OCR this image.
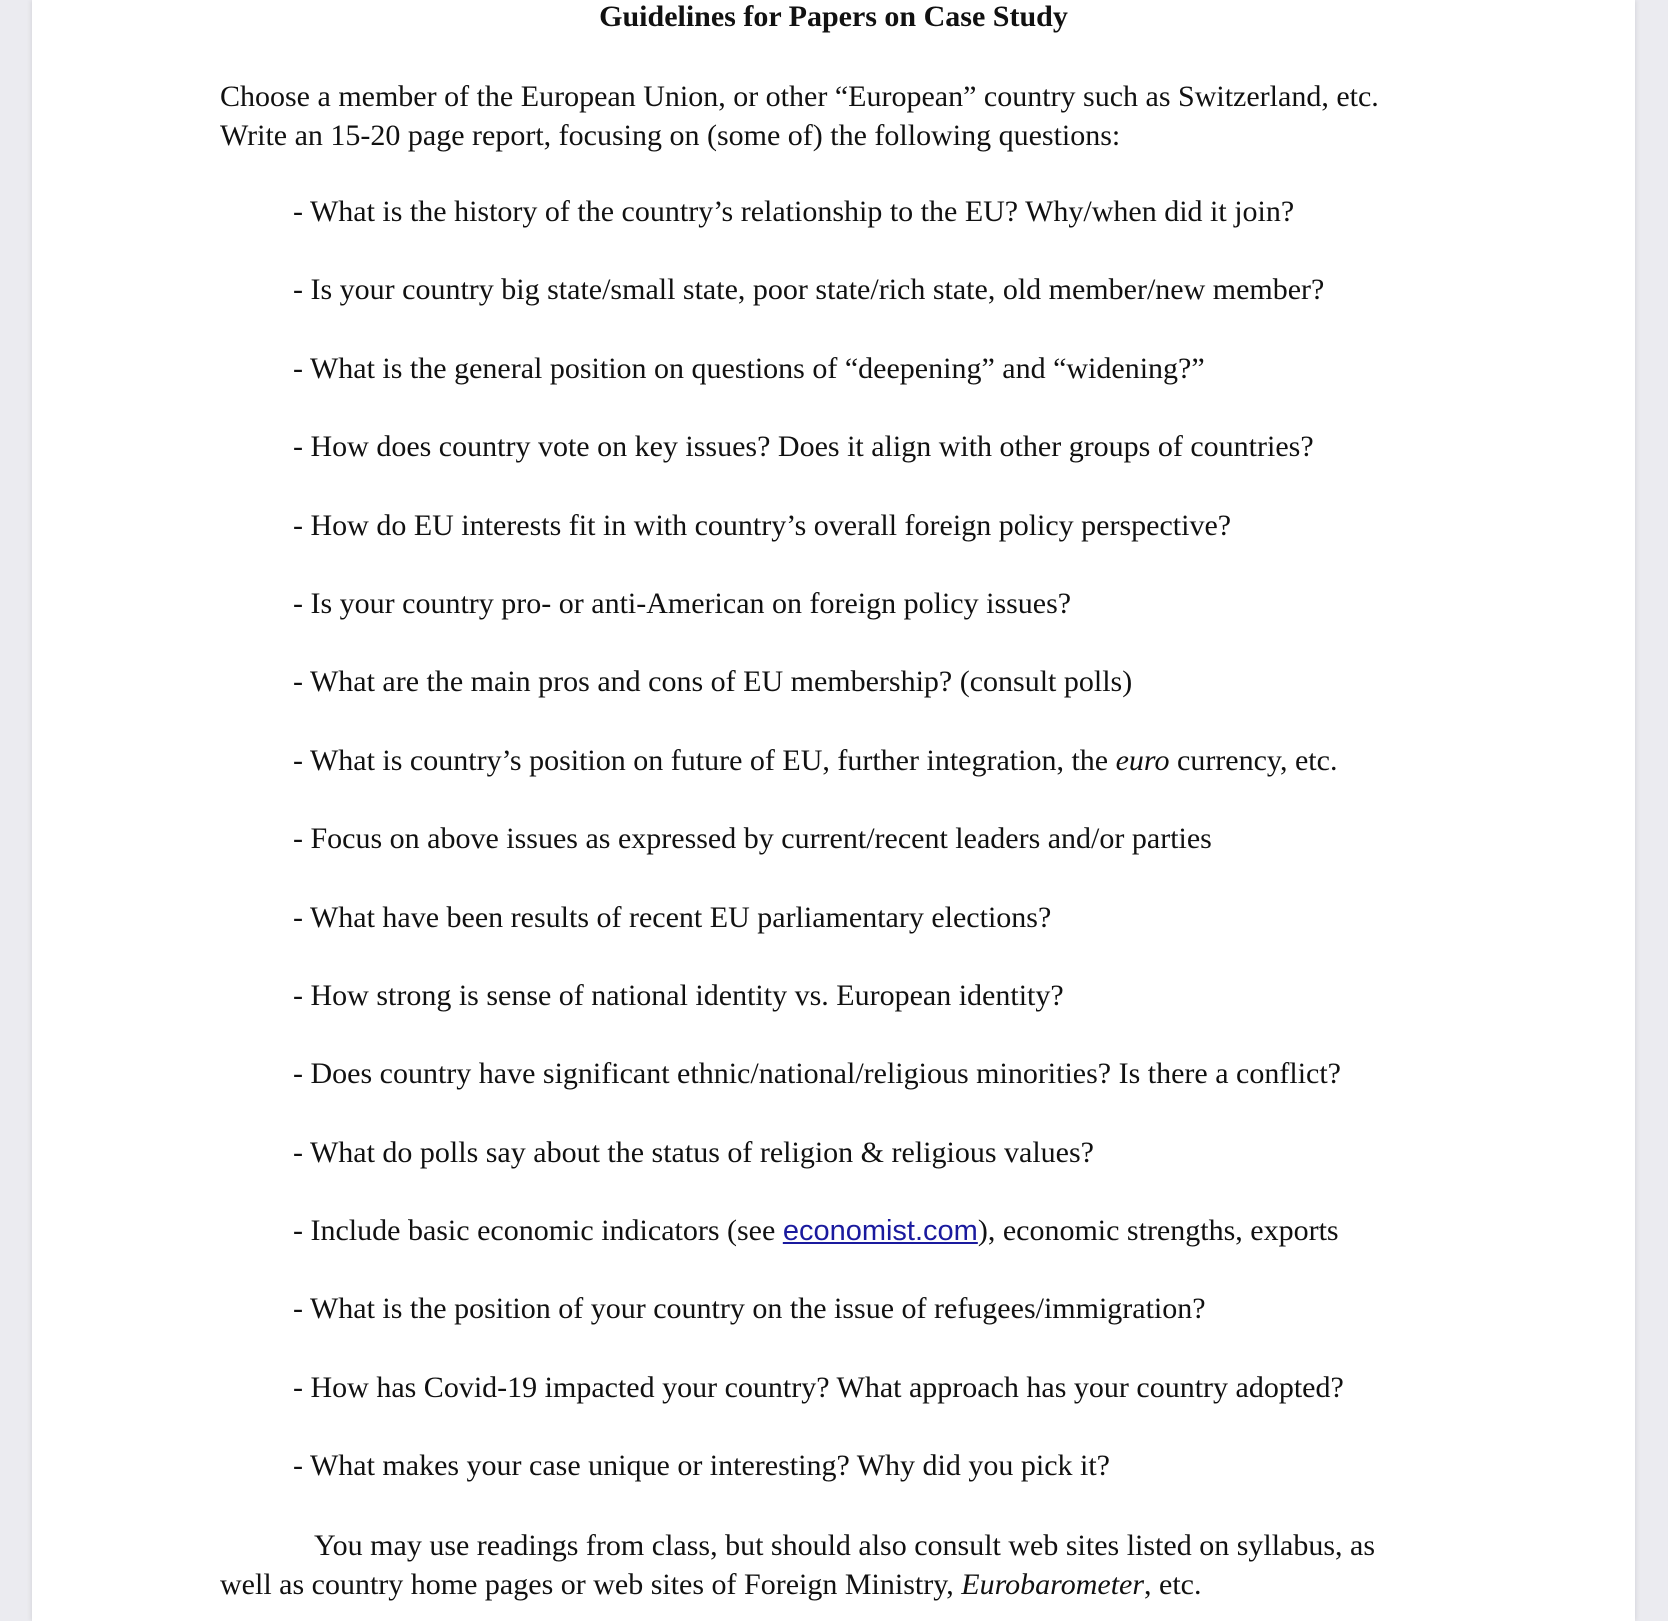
Guidelines for Papers on Case Study

Choose a member of the European Union, or other “European” country such as Switzerland, etc.

Write an 15-20 page report, focusing on (some of) the following questions:

- What is the history of the country’s relationship to the EU? Why/when did it join?
- Is your country big state/small state, poor state/rich state, old member/new member?
- What is the general position on questions of “deepening” and “widening?”
- How does country vote on key issues? Does it align with other groups of countries?
- How do EU interests fit in with country’s overall foreign policy perspective?
- Is your country pro- or anti-American on foreign policy issues?
- What are the main pros and cons of EU membership? (consult polls)
- What is country’s position on future of EU, further integration, the euro currency, etc.
- Focus on above issues as expressed by current/recent leaders and/or parties
- What have been results of recent EU parliamentary elections?
- How strong is sense of national identity vs. European identity?
- Does country have significant ethnic/national/religious minorities? Is there a conflict?
- What do polls say about the status of religion & religious values?
- Include basic economic indicators (see economist.com), economic strengths, exports
- What is the position of your country on the issue of refugees/immigration?
- How has Covid-19 impacted your country? What approach has your country adopted?
- What makes your case unique or interesting? Why did you pick it?

You may use readings from class, but should also consult web sites listed on syllabus, as

well as country home pages or web sites of Foreign Ministry, Eurobarometer, etc.
